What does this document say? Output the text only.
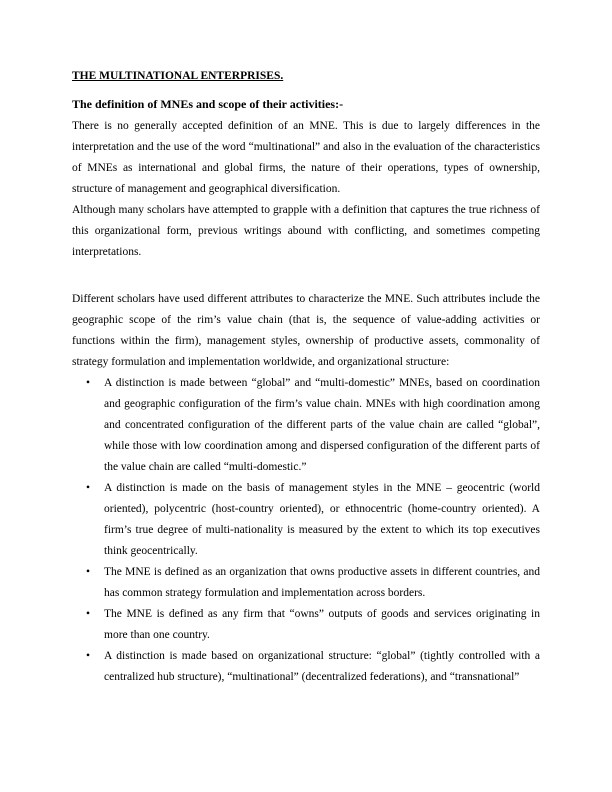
THE MULTINATIONAL ENTERPRISES.
The definition of MNEs and scope of their activities:-

There is no generally accepted definition of an MNE. This is due to largely differences in the interpretation and the use of the word “multinational” and also in the evaluation of the characteristics of MNEs as international and global firms, the nature of their operations, types of ownership, structure of management and geographical diversification.

Although many scholars have attempted to grapple with a definition that captures the true richness of this organizational form, previous writings abound with conflicting, and sometimes competing interpretations.

Different scholars have used different attributes to characterize the MNE. Such attributes include the geographic scope of the rim’s value chain (that is, the sequence of value-adding activities or functions within the firm), management styles, ownership of productive assets, commonality of strategy formulation and implementation worldwide, and organizational structure:

•	A distinction is made between “global” and “multi-domestic” MNEs, based on coordination and geographic configuration of the firm’s value chain. MNEs with high coordination among and concentrated configuration of the different parts of the value chain are called “global”, while those with low coordination among and dispersed configuration of the different parts of the value chain are called “multi-domestic.”
•	A distinction is made on the basis of management styles in the MNE – geocentric (world oriented), polycentric (host-country oriented), or ethnocentric (home-country oriented). A firm’s true degree of multi-nationality is measured by the extent to which its top executives think geocentrically.
•	The MNE is defined as an organization that owns productive assets in different countries, and has common strategy formulation and implementation across borders.
•	The MNE is defined as any firm that “owns” outputs of goods and services originating in more than one country.
•	A distinction is made based on organizational structure: “global” (tightly controlled with a centralized hub structure), “multinational” (decentralized federations), and “transnational”
